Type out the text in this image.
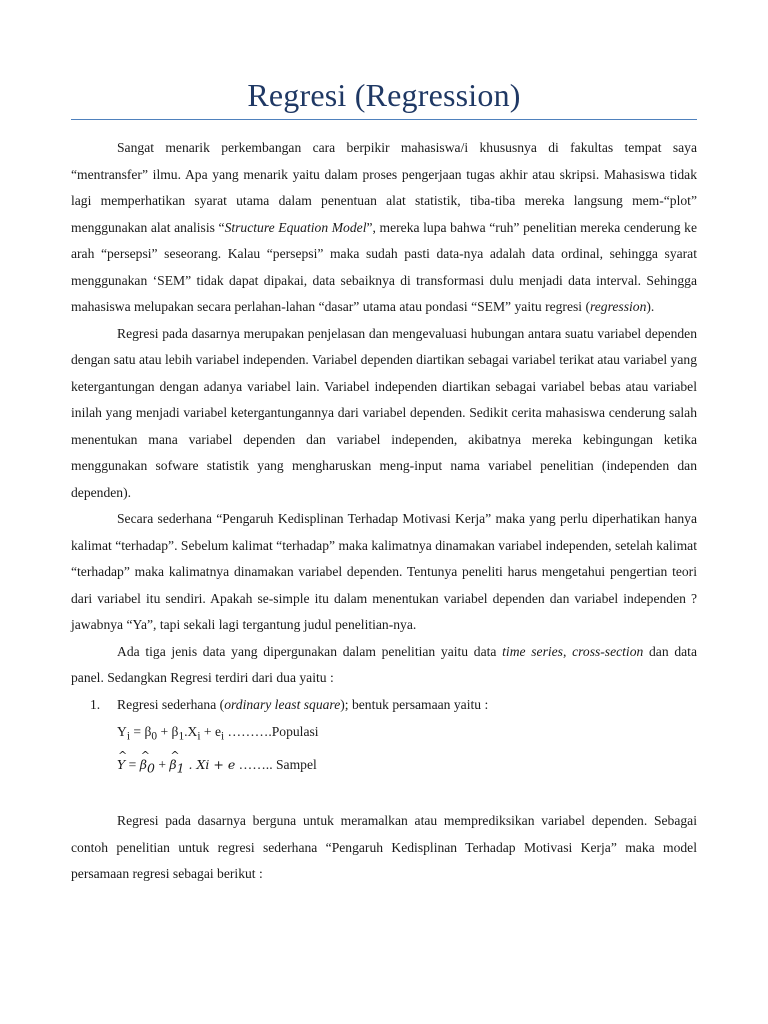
Regresi (Regression)

Sangat menarik perkembangan cara berpikir mahasiswa/i khususnya di fakultas tempat saya “mentransfer” ilmu. Apa yang menarik yaitu dalam proses pengerjaan tugas akhir atau skripsi. Mahasiswa tidak lagi memperhatikan syarat utama dalam penentuan alat statistik, tiba-tiba mereka langsung mem-“plot” menggunakan alat analisis “Structure Equation Model”, mereka lupa bahwa “ruh” penelitian mereka cenderung ke arah “persepsi” seseorang. Kalau “persepsi” maka sudah pasti data-nya adalah data ordinal, sehingga syarat menggunakan ‘SEM” tidak dapat dipakai, data sebaiknya di transformasi dulu menjadi data interval. Sehingga mahasiswa melupakan secara perlahan-lahan “dasar” utama atau pondasi “SEM” yaitu regresi (regression).

Regresi pada dasarnya merupakan penjelasan dan mengevaluasi hubungan antara suatu variabel dependen dengan satu atau lebih variabel independen. Variabel dependen diartikan sebagai variabel terikat atau variabel yang ketergantungan dengan adanya variabel lain. Variabel independen diartikan sebagai variabel bebas atau variabel inilah yang menjadi variabel ketergantungannya dari variabel dependen. Sedikit cerita mahasiswa cenderung salah menentukan mana variabel dependen dan variabel independen, akibatnya mereka kebingungan ketika menggunakan sofware statistik yang mengharuskan meng-input nama variabel penelitian (independen dan dependen).

Secara sederhana “Pengaruh Kedisplinan Terhadap Motivasi Kerja” maka yang perlu diperhatikan hanya kalimat “terhadap”. Sebelum kalimat “terhadap” maka kalimatnya dinamakan variabel independen, setelah kalimat “terhadap” maka kalimatnya dinamakan variabel dependen. Tentunya peneliti harus mengetahui pengertian teori dari variabel itu sendiri. Apakah se-simple itu dalam menentukan variabel dependen dan variabel independen ? jawabnya “Ya”, tapi sekali lagi tergantung judul penelitian-nya.

Ada tiga jenis data yang dipergunakan dalam penelitian yaitu data time series, cross-section dan data panel. Sedangkan Regresi terdiri dari dua yaitu :

1. Regresi sederhana (ordinary least square); bentuk persamaan yaitu :
$Y_i = \beta_0 + \beta_1.X_i + e_i$ ……….Populasi
^ Y = ^ $\beta_0$ + ^ $\beta_1$ . Xi + e …….. Sampel

Regresi pada dasarnya berguna untuk meramalkan atau memprediksikan variabel dependen. Sebagai contoh penelitian untuk regresi sederhana “Pengaruh Kedisplinan Terhadap Motivasi Kerja” maka model persamaan regresi sebagai berikut :
